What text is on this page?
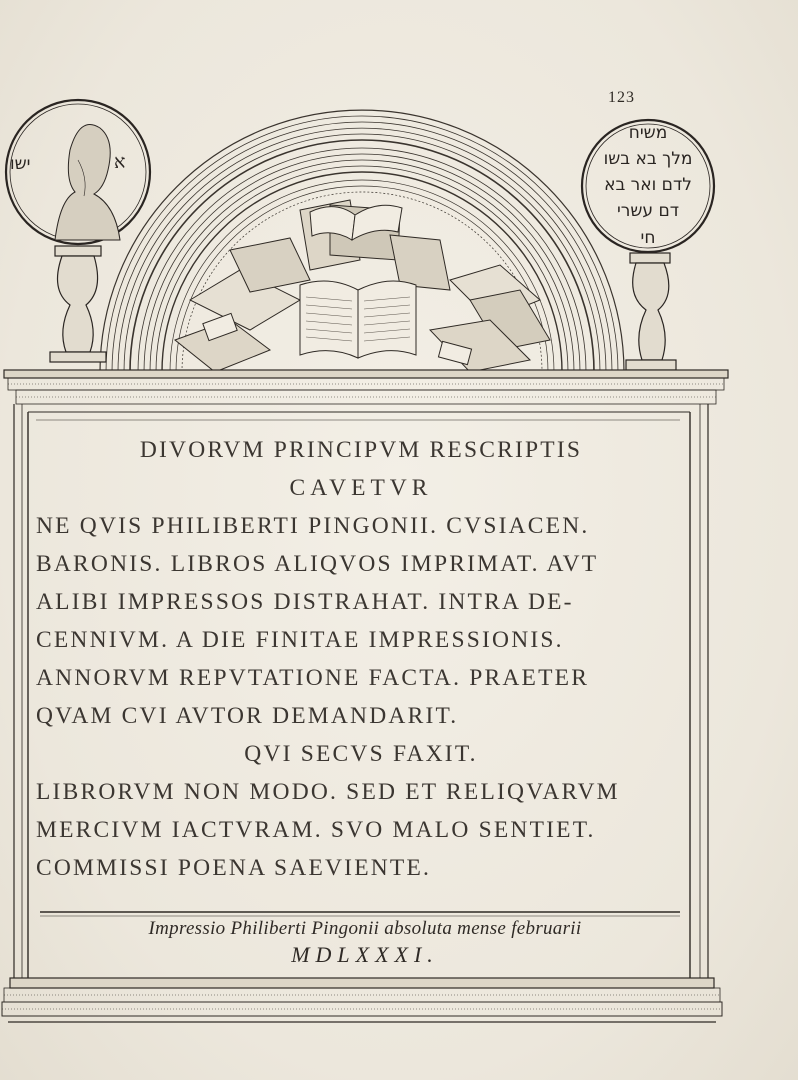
123
א
ישו
משיח
מלך בא בשו
לדם ואר בא
דם עשרי
חי
DIVORVM PRINCIPVM RESCRIPTIS
CAVETVR
NE QVIS PHILIBERTI PINGONII. CVSIACEN.
BARONIS. LIBROS ALIQVOS IMPRIMAT. AVT
ALIBI IMPRESSOS DISTRAHAT. INTRA DE-
CENNIVM. A DIE FINITAE IMPRESSIONIS.
ANNORVM REPVTATIONE FACTA. PRAETER
QVAM CVI AVTOR DEMANDARIT.
QVI SECVS FAXIT.
LIBRORVM NON MODO. SED ET RELIQVARVM
MERCIVM IACTVRAM. SVO MALO SENTIET.
COMMISSI POENA SAEVIENTE.
Impressio Philiberti Pingonii absoluta mense februarii
MDLXXXI.
